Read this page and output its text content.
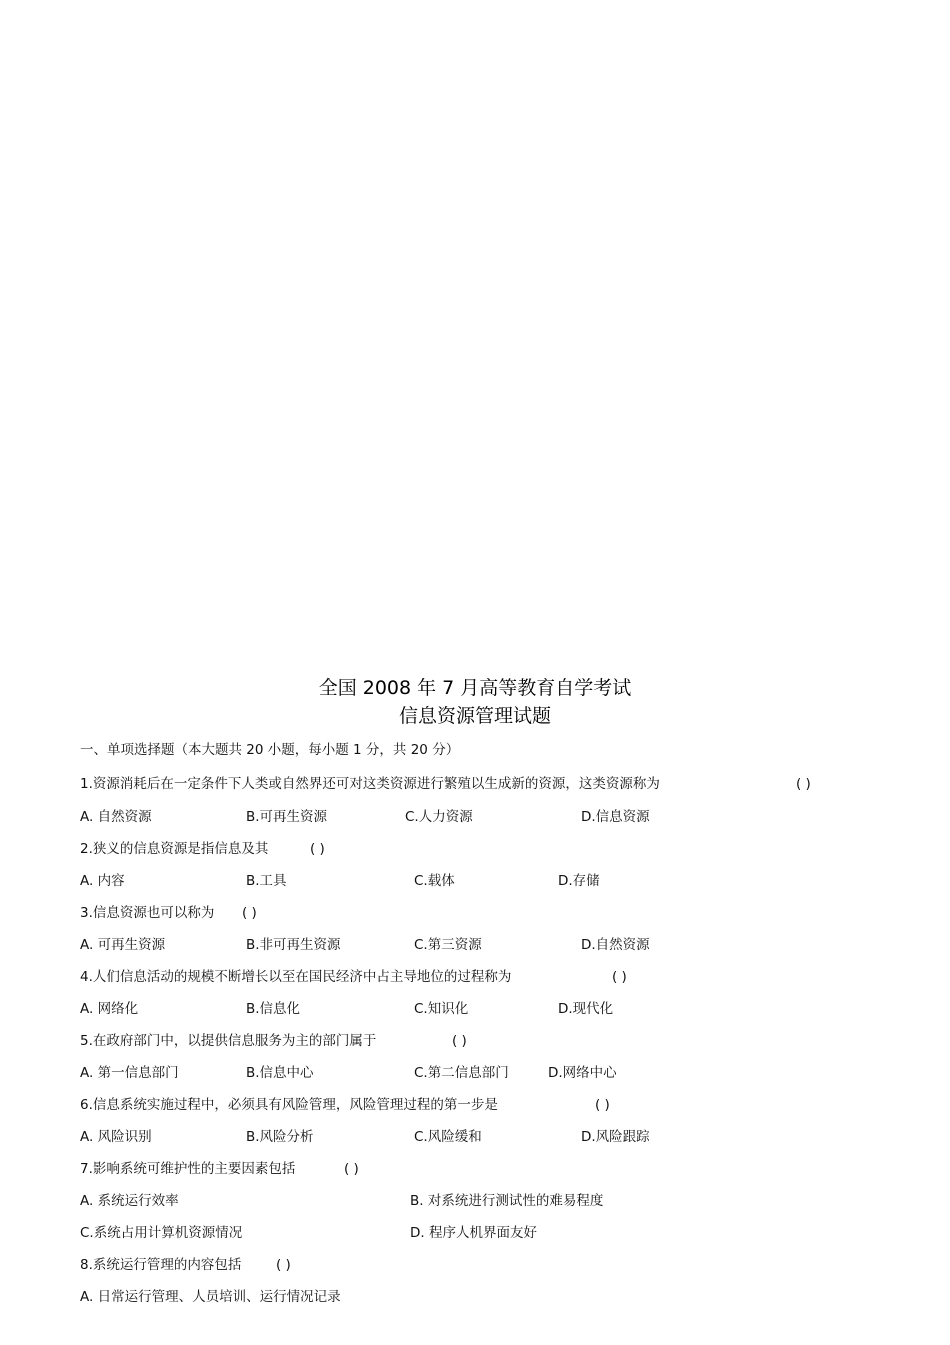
全国 2008 年 7 月高等教育自学考试
信息资源管理试题
一、单项选择题（本大题共 20 小题，每小题 1 分，共 20 分）
1.资源消耗后在一定条件下人类或自然界还可对这类资源进行繁殖以生成新的资源，这类资源称为	( )
A. 自然资源	B.可再生资源	C.人力资源	D.信息资源
2.狭义的信息资源是指信息及其	( )
A. 内容	B.工具	C.载体	D.存储
3.信息资源也可以称为 ( )
A. 可再生资源	B.非可再生资源	C.第三资源	D.自然资源
4.人们信息活动的规模不断增长以至在国民经济中占主导地位的过程称为	( )
A. 网络化	B.信息化	C.知识化	D.现代化
5.在政府部门中，以提供信息服务为主的部门属于	( )
A. 第一信息部门	B.信息中心	C.第二信息部门	D.网络中心
6.信息系统实施过程中，必须具有风险管理，风险管理过程的第一步是	( )
A. 风险识别	B.风险分析	C.风险缓和	D.风险跟踪
7.影响系统可维护性的主要因素包括	( )
A. 系统运行效率	B. 对系统进行测试性的难易程度
C.系统占用计算机资源情况	D. 程序人机界面友好
8.系统运行管理的内容包括	( )
A. 日常运行管理、人员培训、运行情况记录
